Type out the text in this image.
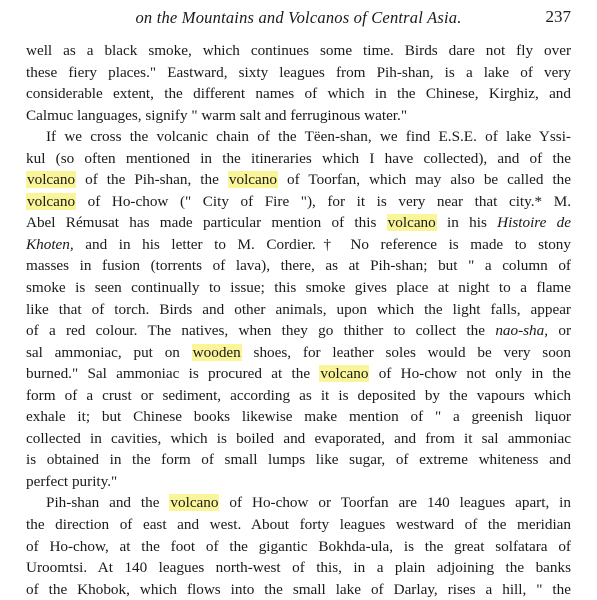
on the Mountains and Volcanos of Central Asia.	237
well as a black smoke, which continues some time. Birds dare not fly over
these fiery places." Eastward, sixty leagues from Pih-shan, is a lake of very
considerable extent, the different names of which in the Chinese, Kirghiz, and
Calmuc languages, signify " warm salt and ferruginous water."
If we cross the volcanic chain of the Tëen-shan, we find E.S.E. of lake Yssi-
kul (so often mentioned in the itineraries which I have collected), and of the
volcano of the Pih-shan, the volcano of Toorfan, which may also be called the
volcano of Ho-chow (" City of Fire "), for it is very near that city.* M.
Abel Rémusat has made particular mention of this volcano in his Histoire de
Khoten, and in his letter to M. Cordier.† No reference is made to stony
masses in fusion (torrents of lava), there, as at Pih-shan; but " a column of
smoke is seen continually to issue; this smoke gives place at night to a flame
like that of torch. Birds and other animals, upon which the light falls, appear
of a red colour. The natives, when they go thither to collect the nao-sha, or
sal ammoniac, put on wooden shoes, for leather soles would be very soon
burned." Sal ammoniac is procured at the volcano of Ho-chow not only in the
form of a crust or sediment, according as it is deposited by the vapours which
exhale it; but Chinese books likewise make mention of " a greenish liquor
collected in cavities, which is boiled and evaporated, and from it sal ammoniac
is obtained in the form of small lumps like sugar, of extreme whiteness and
perfect purity."
Pih-shan and the volcano of Ho-chow or Toorfan are 140 leagues apart, in
the direction of east and west. About forty leagues westward of the meridian
of Ho-chow, at the foot of the gigantic Bokhda-ula, is the great solfatara of
Uroomtsi. At 140 leagues north-west of this, in a plain adjoining the banks
of the Khobok, which flows into the small lake of Darlay, rises a hill, " the
